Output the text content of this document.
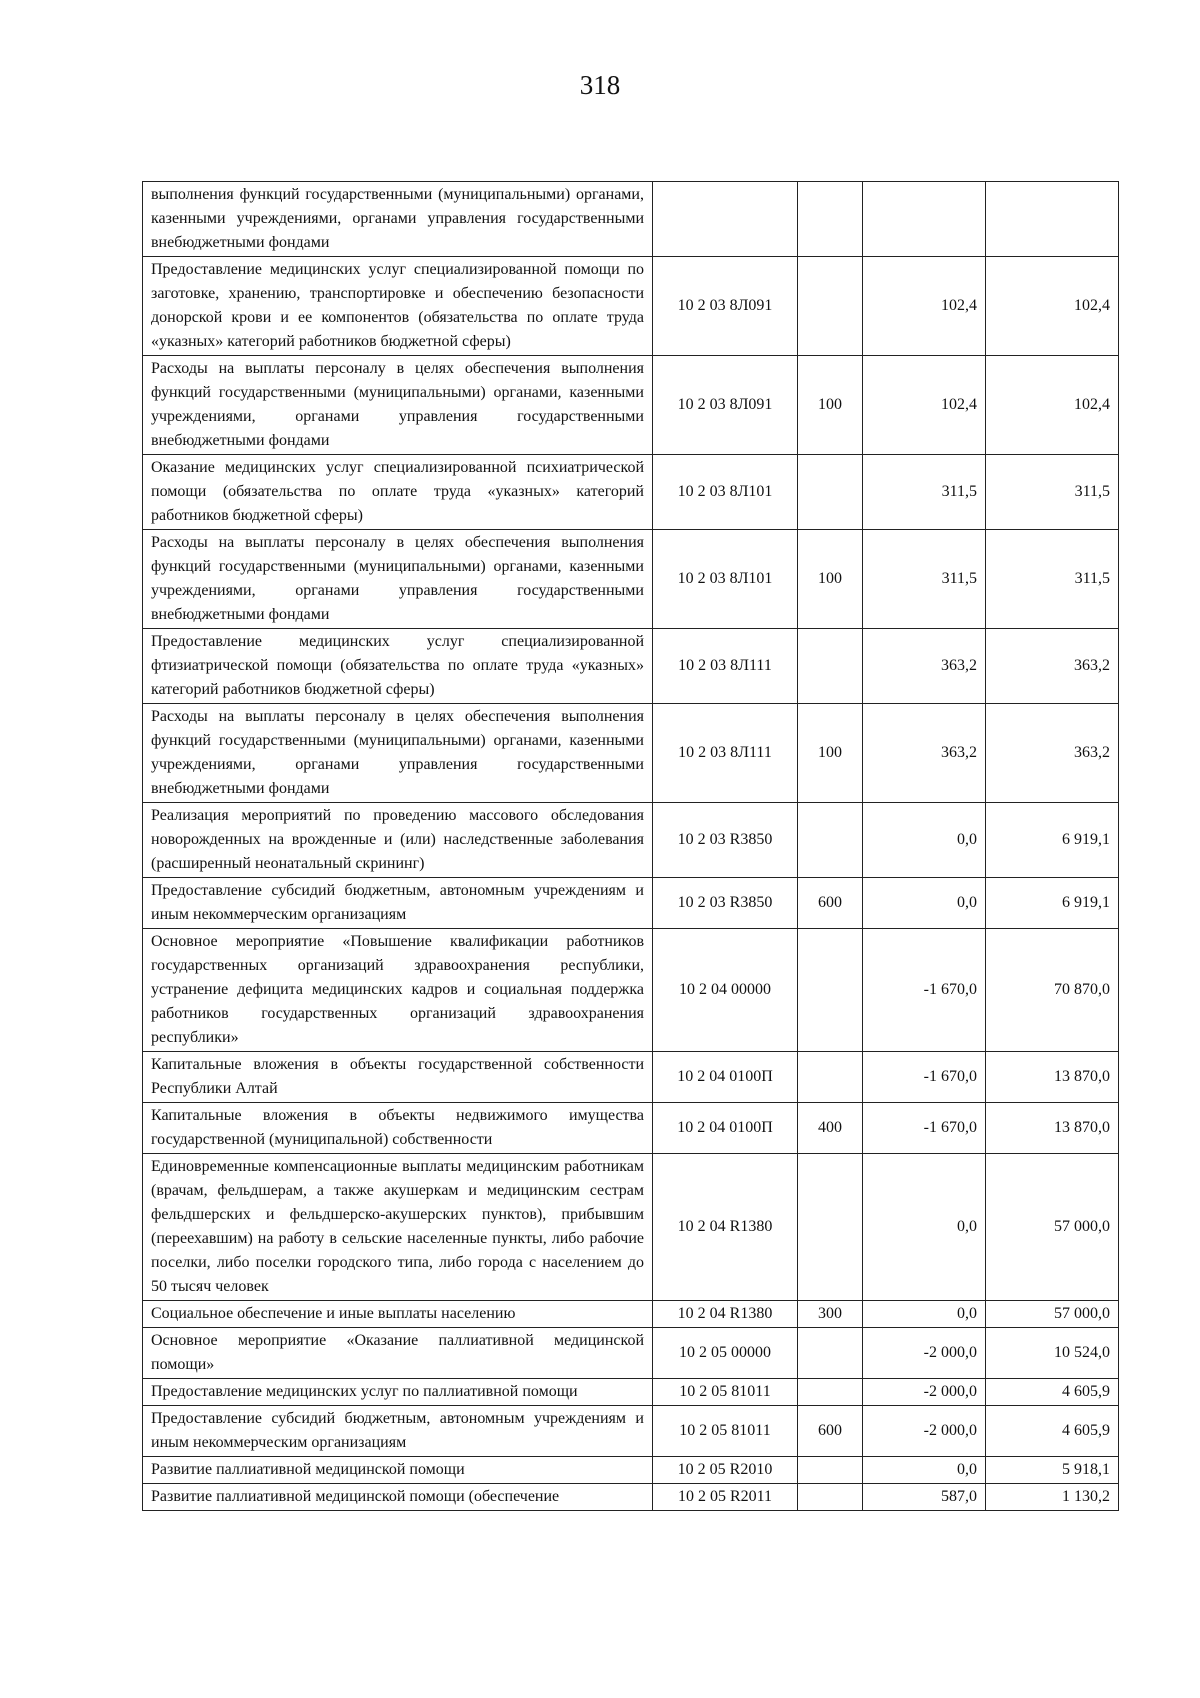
318
выполнения функций государственными (муниципальными) органами, казенными учреждениями, органами управления государственными внебюджетными фондами				
Предоставление медицинских услуг специализированной помощи по заготовке, хранению, транспортировке и обеспечению безопасности донорской крови и ее компонентов (обязательства по оплате труда «указных» категорий работников бюджетной сферы)	10 2 03 8Л091		102,4	102,4
Расходы на выплаты персоналу в целях обеспечения выполнения функций государственными (муниципальными) органами, казенными учреждениями, органами управления государственными внебюджетными фондами	10 2 03 8Л091	100	102,4	102,4
Оказание медицинских услуг специализированной психиатрической помощи (обязательства по оплате труда «указных» категорий работников бюджетной сферы)	10 2 03 8Л101		311,5	311,5
Расходы на выплаты персоналу в целях обеспечения выполнения функций государственными (муниципальными) органами, казенными учреждениями, органами управления государственными внебюджетными фондами	10 2 03 8Л101	100	311,5	311,5
Предоставление медицинских услуг специализированной фтизиатрической помощи (обязательства по оплате труда «указных» категорий работников бюджетной сферы)	10 2 03 8Л111		363,2	363,2
Расходы на выплаты персоналу в целях обеспечения выполнения функций государственными (муниципальными) органами, казенными учреждениями, органами управления государственными внебюджетными фондами	10 2 03 8Л111	100	363,2	363,2
Реализация мероприятий по проведению массового обследования новорожденных на врожденные и (или) наследственные заболевания (расширенный неонатальный скрининг)	10 2 03 R3850		0,0	6 919,1
Предоставление субсидий бюджетным, автономным учреждениям и иным некоммерческим организациям	10 2 03 R3850	600	0,0	6 919,1
Основное мероприятие «Повышение квалификации работников государственных организаций здравоохранения республики, устранение дефицита медицинских кадров и социальная поддержка работников государственных организаций здравоохранения республики»	10 2 04 00000		-1 670,0	70 870,0
Капитальные вложения в объекты государственной собственности Республики Алтай	10 2 04 0100П		-1 670,0	13 870,0
Капитальные вложения в объекты недвижимого имущества государственной (муниципальной) собственности	10 2 04 0100П	400	-1 670,0	13 870,0
Единовременные компенсационные выплаты медицинским работникам (врачам, фельдшерам, а также акушеркам и медицинским сестрам фельдшерских и фельдшерско-акушерских пунктов), прибывшим (переехавшим) на работу в сельские населенные пункты, либо рабочие поселки, либо поселки городского типа, либо города с населением до 50 тысяч человек	10 2 04 R1380		0,0	57 000,0
Социальное обеспечение и иные выплаты населению	10 2 04 R1380	300	0,0	57 000,0
Основное мероприятие «Оказание паллиативной медицинской помощи»	10 2 05 00000		-2 000,0	10 524,0
Предоставление медицинских услуг по паллиативной помощи	10 2 05 81011		-2 000,0	4 605,9
Предоставление субсидий бюджетным, автономным учреждениям и иным некоммерческим организациям	10 2 05 81011	600	-2 000,0	4 605,9
Развитие паллиативной медицинской помощи	10 2 05 R2010		0,0	5 918,1
Развитие паллиативной медицинской помощи (обеспечение	10 2 05 R2011		587,0	1 130,2
